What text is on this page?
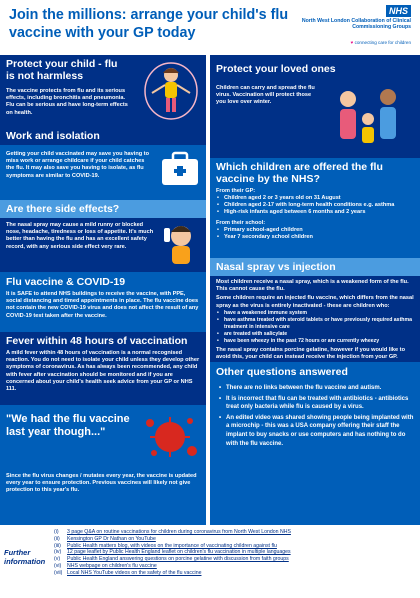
Join the millions: arrange your child's flu vaccine with your GP today
NHS
North West London Collaboration of Clinical Commissioning Groups
♥ connecting care for children
Protect your child - flu is not harmless

The vaccine protects from flu and its serious effects, including bronchitis and pneumonia. Flu can be serious and have long-term effects on health.

Work and isolation

Getting your child vaccinated may save you having to miss work or arrange childcare if your child catches the flu. It may also save you having to isolate, as flu symptoms are similar to COVID-19.

Are there side effects?

The nasal spray may cause a mild runny or blocked nose, headache, tiredness or loss of appetite. It's much better than having the flu and has an excellent safety record, with any serious side effect very rare.

Flu vaccine & COVID-19

It is SAFE to attend NHS buildings to receive the vaccine, with PPE, social distancing and timed appointments in place. The flu vaccine does not contain the new COVID-19 virus and does not affect the result of any COVID-19 test taken after the vaccine.

Fever within 48 hours of vaccination

A mild fever within 48 hours of vaccination is a normal recognised reaction. You do not need to isolate your child unless they develop other symptoms of coronavirus. As has always been recommended, any child with fever after vaccination should be monitored and if you are concerned about your child's health seek advice from your GP or NHS 111.

"We had the flu vaccine last year though..."

Since the flu virus changes / mutates every year, the vaccine is updated every year to ensure protection. Previous vaccines will likely not give protection to this year's flu.

Protect your loved ones

Children can carry and spread the flu virus. Vaccination will protect those you love over winter.

Which children are offered the flu vaccine by the NHS?

From their GP:

• Children aged 2 or 3 years old on 31 August
• Children aged 2-17 with long-term health conditions e.g. asthma
• High-risk infants aged between 6 months and 2 years

From their school:

• Primary school-aged children
• Year 7 secondary school children
Nasal spray vs injection

Most children receive a nasal spray, which is a weakened form of the flu. This cannot cause the flu.

Some children require an injected flu vaccine, which differs from the nasal spray as the virus is entirely inactivated - these are children who:

• have a weakened immune system
• have asthma treated with steroid tablets or have previously required asthma treatment in intensive care
• are treated with salicylate
• have been wheezy in the past 72 hours or are currently wheezy

The nasal spray contains porcine gelatine, however if you would like to avoid this, your child can instead receive the injection from your GP.

Other questions answered
• There are no links between the flu vaccine and autism.
• It is incorrect that flu can be treated with antibiotics - antibiotics treat only bacteria while flu is caused by a virus.
• An edited video was shared showing people being implanted with a microchip - this was a USA company offering their staff the implant to buy snacks or use computers and has nothing to do with the flu vaccine.
Further information
(i) 3 page Q&A on routine vaccinations for children during coronavirus from North West London NHS
(ii) Kensington GP Dr Nathan on YouTube
(iii) Public Health matters blog, with videos on the importance of vaccinating children against flu
(iv) 12 page leaflet by Public Health England leaflet on children's flu vaccination in multiple languages
(v) Public Health England answering questions on porcine gelatine with discussion from faith groups
(vi) NHS webpage on children's flu vaccine
(vii) Local NHS YouTube videos on the safety of the flu vaccine
